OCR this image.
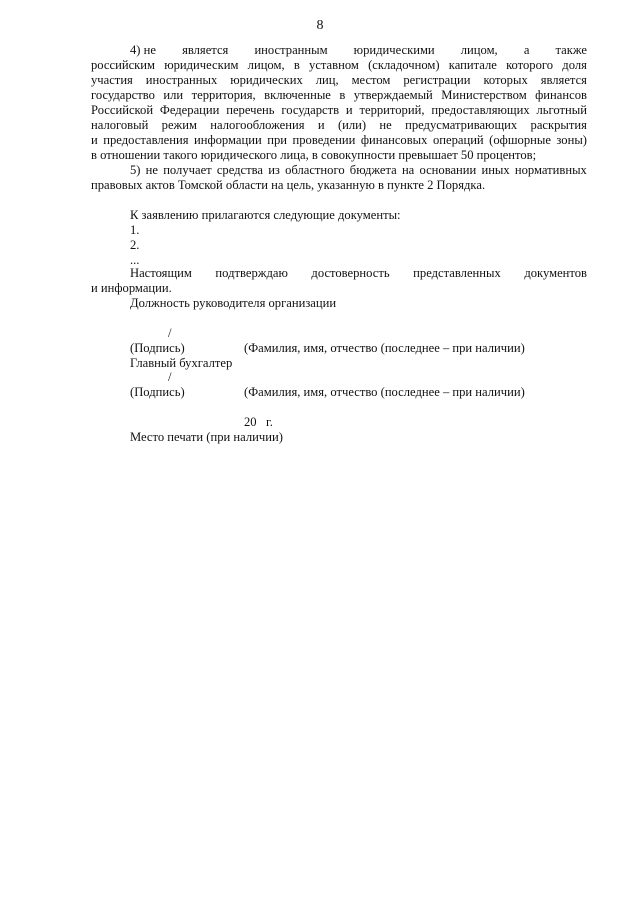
8
4) не является иностранным юридическими лицом, а также
российским юридическим лицом, в уставном (складочном) капитале которого доля
участия иностранных юридических лиц, местом регистрации которых является
государство или территория, включенные в утверждаемый Министерством финансов
Российской Федерации перечень государств и территорий, предоставляющих льготный
налоговый режим налогообложения и (или) не предусматривающих раскрытия
и предоставления информации при проведении финансовых операций (офшорные зоны)
в отношении такого юридического лица, в совокупности превышает 50 процентов;
5) не получает средства из областного бюджета на основании иных нормативных
правовых актов Томской области на цель, указанную в пункте 2 Порядка.
К заявлению прилагаются следующие документы:
1.
2.
...
Настоящим подтверждаю достоверность представленных документов
и информации.
Должность руководителя организации
/
(Подпись)	(Фамилия, имя, отчество (последнее – при наличии)
Главный бухгалтер
/
(Подпись)	(Фамилия, имя, отчество (последнее – при наличии)
20 г.
Место печати (при наличии)
